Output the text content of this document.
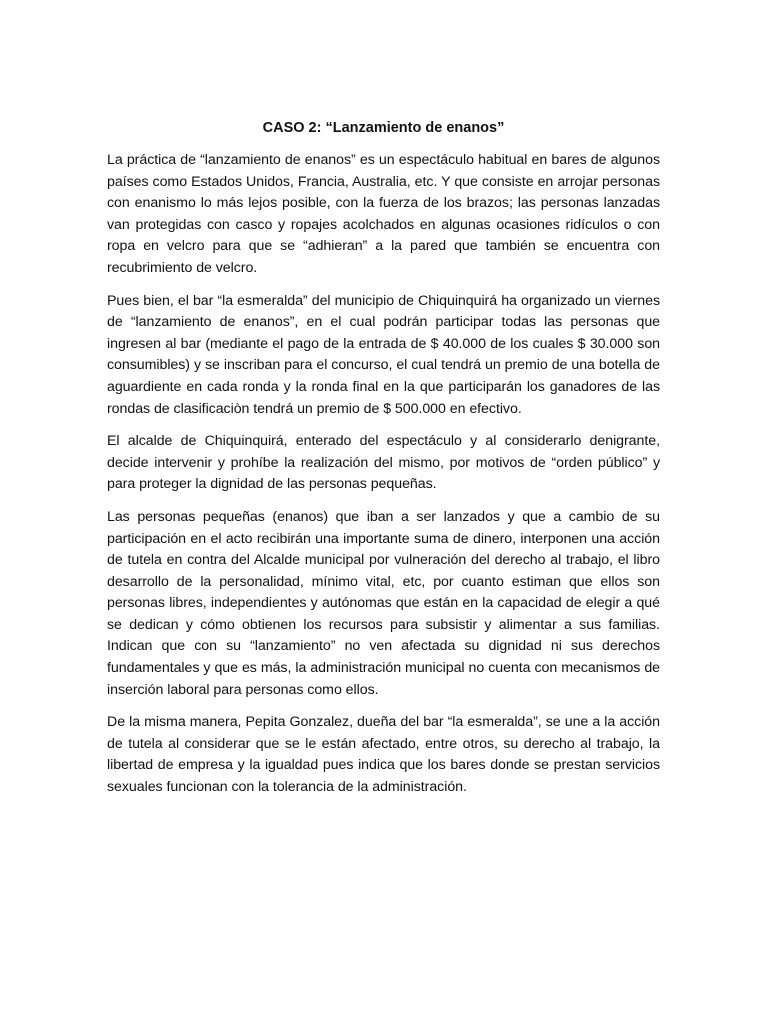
CASO 2: “Lanzamiento de enanos”

La práctica de “lanzamiento de enanos” es un espectáculo habitual en bares de algunos países como Estados Unidos, Francia, Australia, etc. Y que consiste en arrojar personas con enanismo lo más lejos posible, con la fuerza de los brazos; las personas lanzadas van protegidas con casco y ropajes acolchados en algunas ocasiones ridículos o con ropa en velcro para que se “adhieran” a la pared que también se encuentra con recubrimiento de velcro.

Pues bien, el bar “la esmeralda” del municipio de Chiquinquirá ha organizado un viernes de “lanzamiento de enanos”, en el cual podrán participar todas las personas que ingresen al bar (mediante el pago de la entrada de $ 40.000 de los cuales $ 30.000 son consumibles) y se inscriban para el concurso, el cual tendrá un premio de una botella de aguardiente en cada ronda y la ronda final en la que participarán los ganadores de las rondas de clasificaciòn tendrá un premio de $ 500.000 en efectivo.

El alcalde de Chiquinquirá, enterado del espectáculo y al considerarlo denigrante, decide intervenir y prohíbe la realización del mismo, por motivos de “orden público” y para proteger la dignidad de las personas pequeñas.

Las personas pequeñas (enanos) que iban a ser lanzados y que a cambio de su participación en el acto recibirán una importante suma de dinero, interponen una acción de tutela en contra del Alcalde municipal por vulneración del derecho al trabajo, el libro desarrollo de la personalidad, mínimo vital, etc, por cuanto estiman que ellos son personas libres, independientes y autónomas que están en la capacidad de elegir a qué se dedican y cómo obtienen los recursos para subsistir y alimentar a sus familias. Indican que con su “lanzamiento” no ven afectada su dignidad ni sus derechos fundamentales y que es más, la administración municipal no cuenta con mecanismos de inserción laboral para personas como ellos.

De la misma manera, Pepita Gonzalez, dueña del bar “la esmeralda”, se une a la acción de tutela al considerar que se le están afectado, entre otros, su derecho al trabajo, la libertad de empresa y la igualdad pues indica que los bares donde se prestan servicios sexuales funcionan con la tolerancia de la administración.
